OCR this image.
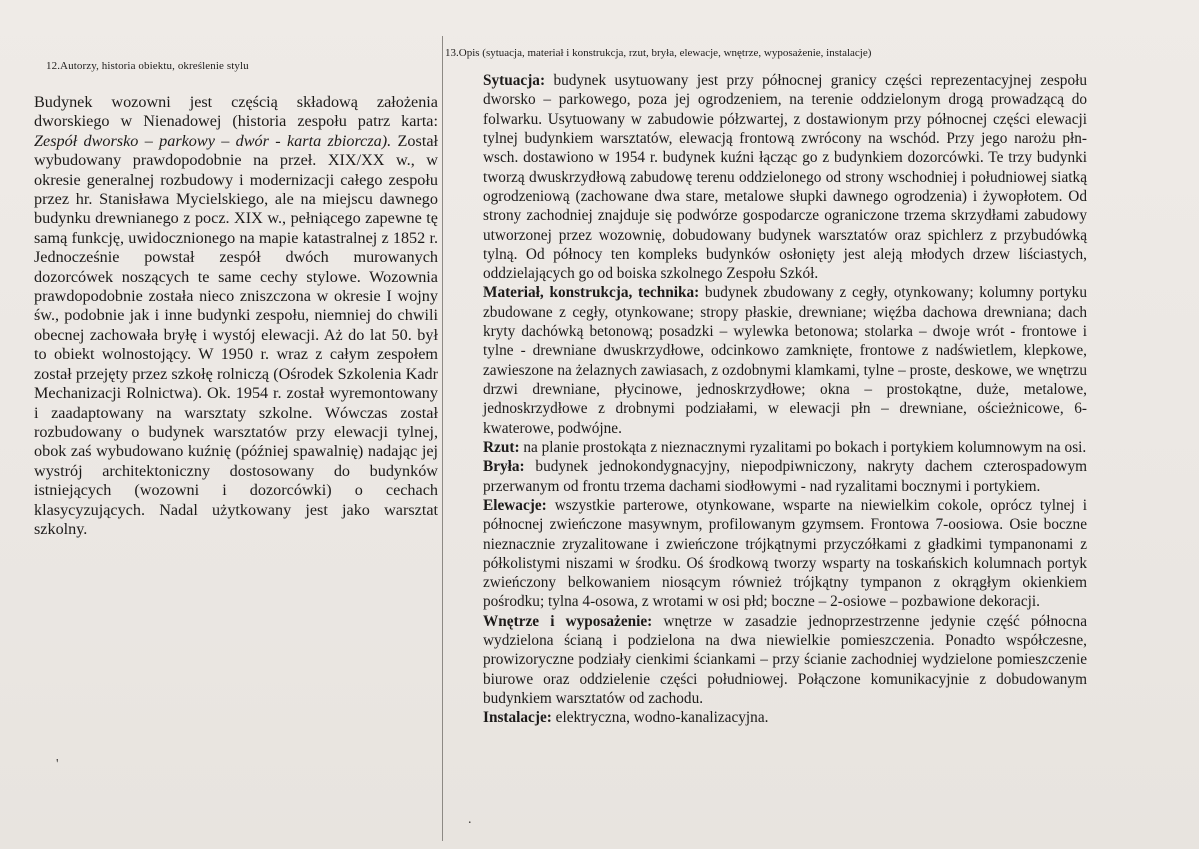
12.Autorzy, historia obiektu, określenie stylu
Budynek wozowni jest częścią składową założenia dworskiego w Nienadowej (historia zespołu patrz karta: Zespół dworsko – parkowy – dwór - karta zbiorcza). Został wybudowany prawdopodobnie na przeł. XIX/XX w., w okresie generalnej rozbudowy i modernizacji całego zespołu przez hr. Stanisława Mycielskiego, ale na miejscu dawnego budynku drewnianego z pocz. XIX w., pełniącego zapewne tę samą funkcję, uwidocznionego na mapie katastralnej z 1852 r. Jednocześnie powstał zespół dwóch murowanych dozorcówek noszących te same cechy stylowe. Wozownia prawdopodobnie została nieco zniszczona w okresie I wojny św., podobnie jak i inne budynki zespołu, niemniej do chwili obecnej zachowała bryłę i wystój elewacji. Aż do lat 50. był to obiekt wolnostojący. W 1950 r. wraz z całym zespołem został przejęty przez szkołę rolniczą (Ośrodek Szkolenia Kadr Mechanizacji Rolnictwa). Ok. 1954 r. został wyremontowany i zaadaptowany na warsztaty szkolne. Wówczas został rozbudowany o budynek warsztatów przy elewacji tylnej, obok zaś wybudowano kuźnię (później spawalnię) nadając jej wystrój architektoniczny dostosowany do budynków istniejących (wozowni i dozorcówki) o cechach klasycyzujących. Nadal użytkowany jest jako warsztat szkolny.
13.Opis (sytuacja, materiał i konstrukcja, rzut, bryła, elewacje, wnętrze, wyposażenie, instalacje)

Sytuacja: budynek usytuowany jest przy północnej granicy części reprezentacyjnej zespołu dworsko – parkowego, poza jej ogrodzeniem, na terenie oddzielonym drogą prowadzącą do folwarku. Usytuowany w zabudowie półzwartej, z dostawionym przy północnej części elewacji tylnej budynkiem warsztatów, elewacją frontową zwrócony na wschód. Przy jego narożu płn-wsch. dostawiono w 1954 r. budynek kuźni łącząc go z budynkiem dozorcówki. Te trzy budynki tworzą dwuskrzydłową zabudowę terenu oddzielonego od strony wschodniej i południowej siatką ogrodzeniową (zachowane dwa stare, metalowe słupki dawnego ogrodzenia) i żywopłotem. Od strony zachodniej znajduje się podwórze gospodarcze ograniczone trzema skrzydłami zabudowy utworzonej przez wozownię, dobudowany budynek warsztatów oraz spichlerz z przybudówką tylną. Od północy ten kompleks budynków osłonięty jest aleją młodych drzew liściastych, oddzielających go od boiska szkolnego Zespołu Szkół.

Materiał, konstrukcja, technika: budynek zbudowany z cegły, otynkowany; kolumny portyku zbudowane z cegły, otynkowane; stropy płaskie, drewniane; więźba dachowa drewniana; dach kryty dachówką betonową; posadzki – wylewka betonowa; stolarka – dwoje wrót - frontowe i tylne - drewniane dwuskrzydłowe, odcinkowo zamknięte, frontowe z nadświetlem, klepkowe, zawieszone na żelaznych zawiasach, z ozdobnymi klamkami, tylne – proste, deskowe, we wnętrzu drzwi drewniane, płycinowe, jednoskrzydłowe; okna – prostokątne, duże, metalowe, jednoskrzydłowe z drobnymi podziałami, w elewacji płn – drewniane, ościeżnicowe, 6-kwaterowe, podwójne.

Rzut: na planie prostokąta z nieznacznymi ryzalitami po bokach i portykiem kolumnowym na osi.

Bryła: budynek jednokondygnacyjny, niepodpiwniczony, nakryty dachem czterospadowym przerwanym od frontu trzema dachami siodłowymi - nad ryzalitami bocznymi i portykiem.

Elewacje: wszystkie parterowe, otynkowane, wsparte na niewielkim cokole, oprócz tylnej i północnej zwieńczone masywnym, profilowanym gzymsem. Frontowa 7-oosiowa. Osie boczne nieznacznie zryzalitowane i zwieńczone trójkątnymi przyczółkami z gładkimi tympanonami z półkolistymi niszami w środku. Oś środkową tworzy wsparty na toskańskich kolumnach portyk zwieńczony belkowaniem niosącym również trójkątny tympanon z okrągłym okienkiem pośrodku; tylna 4-osowa, z wrotami w osi płd; boczne – 2-osiowe – pozbawione dekoracji.

Wnętrze i wyposażenie: wnętrze w zasadzie jednoprzestrzenne jedynie część północna wydzielona ścianą i podzielona na dwa niewielkie pomieszczenia. Ponadto współczesne, prowizoryczne podziały cienkimi ściankami – przy ścianie zachodniej wydzielone pomieszczenie biurowe oraz oddzielenie części południowej. Połączone komunikacyjnie z dobudowanym budynkiem warsztatów od zachodu.

Instalacje: elektryczna, wodno-kanalizacyjna.

'
.
